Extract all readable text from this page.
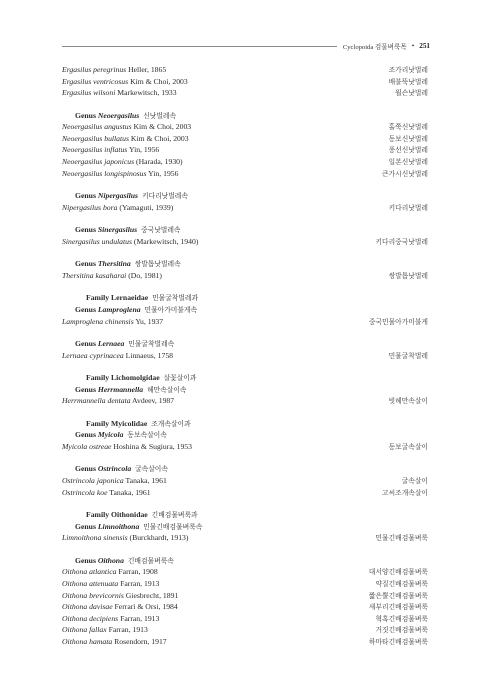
Cyclopoida 검물벼룩목 • 251
Ergasilus peregrinus Heller, 1865	조가리낫벌레
Ergasilus ventricosus Kim & Choi, 2003	배불뚝낫벌레
Ergasilus wilsoni Markewitsch, 1933	윌슨낫벌레
Genus Neoergasilus 신낫벌레속
Neoergasilus angustus Kim & Choi, 2003	홀쭉신낫벌레
Neoergasilus bullatus Kim & Choi, 2003	동보신낫벌레
Neoergasilus inflatus Yin, 1956	풍선신낫벌레
Neoergasilus japonicus (Harada, 1930)	일본신낫벌레
Neoergasilus longispinosus Yin, 1956	큰가시신낫벌레
Genus Nipergasilus 키다리낫벌레속
Nipergasilus bora (Yamaguti, 1939)	키다리낫벌레
Genus Sinergasilus 중국낫벌레속
Sinergasilus undulatus (Markewitsch, 1940)	키다리중국낫벌레
Genus Thersitina 쌍발톱낫벌레속
Thersitina kasaharai (Do, 1981)	쌍발톱낫벌레
Family Lernaeidae 민물굴착벌레과
Genus Lamproglena 민물아가미불게속
Lamproglena chinensis Yu, 1937	중국민물아가미불게
Genus Lernaea 민물굴착벌레속
Lernaea cyprinacea Linnaeus, 1758	민물굴착벌레
Family Lichomolgidae 살꽃살이과
Genus Herrmannella 헤만속살이속
Herrmannella dentata Avdeev, 1987	빗헤만속살이
Family Myicolidae 조개속살이과
Genus Myicola 동보속살이속
Myicola ostreae Hoshina & Sugiura, 1953	동보굴속살이
Genus Ostrincola 굴속살이속
Ostrincola japonica Tanaka, 1961	굴속살이
Ostrincola koe Tanaka, 1961	고씨조개속살이
Family Oithonidae 긴배검물벼룩과
Genus Limnoithona 민물긴배검물벼룩속
Limnoithona sinensis (Burckhardt, 1913)	민물긴배검물벼룩
Genus Oithona 긴배검물벼룩속
Oithona atlantica Farran, 1908	대서양긴배검물벼룩
Oithona attenuata Farran, 1913	약질긴배검물벼룩
Oithona brevicornis Giesbrecht, 1891	짧은뿔긴배검물벼룩
Oithona davisae Ferrari & Orsi, 1984	새부리긴배검물벼룩
Oithona decipiens Farran, 1913	혁혹긴배검물벼룩
Oithona fallax Farran, 1913	거짓긴배검물벼룩
Oithona hamata Rosendorn, 1917	하마타긴배검물벼룩
